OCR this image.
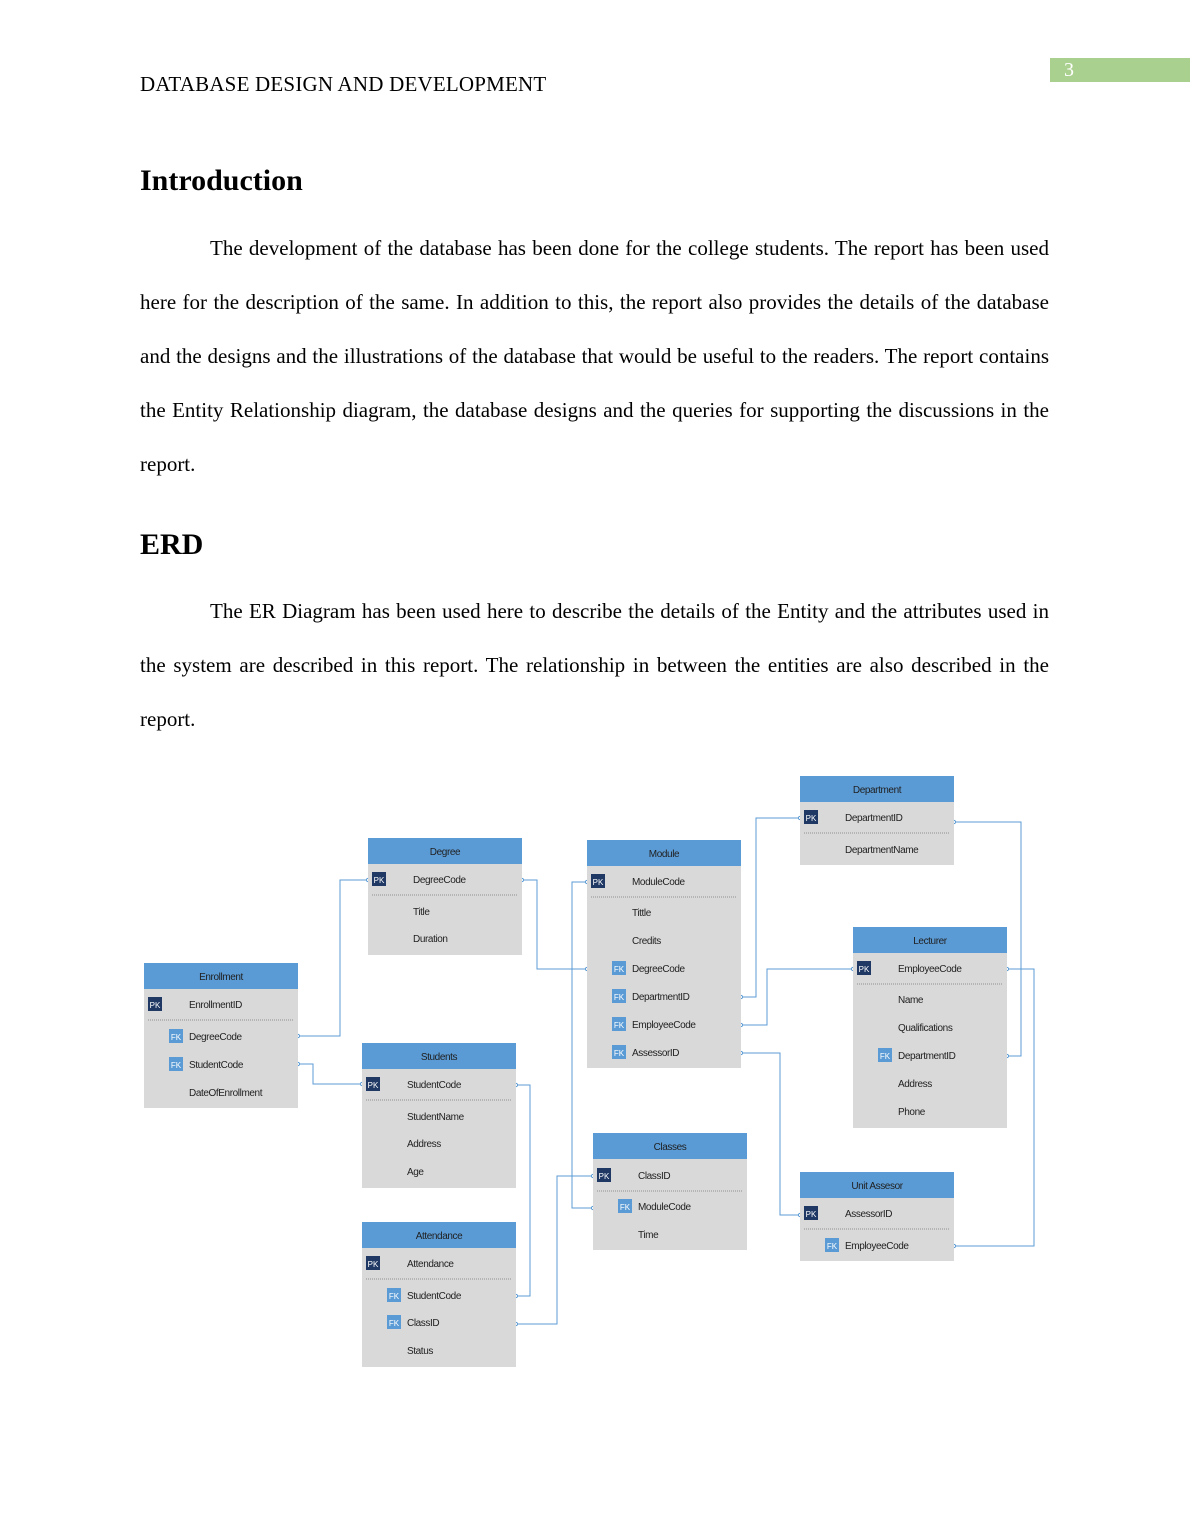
3
DATABASE DESIGN AND DEVELOPMENT
Introduction

The development of the database has been done for the college students. The report has been used here for the description of the same. In addition to this, the report also provides the details of the database and the designs and the illustrations of the database that would be useful to the readers. The report contains the Entity Relationship diagram, the database designs and the queries for supporting the discussions in the report.

ERD

The ER Diagram has been used here to describe the details of the Entity and the attributes used in the system are described in this report. The relationship in between the entities are also described in the report.

Department
PK	DepartmentID
DepartmentName
Degree
PK	DegreeCode
Title
Duration
Module
PK	ModuleCode
Tittle
Credits
FK DegreeCode
FK DepartmentID
FK EmployeeCode
FK AssessorID
Lecturer
PK	EmployeeCode
Name
Qualifications
FK DepartmentID
Address
Phone
Enrollment
PK	EnrollmentID
FK DegreeCode
FK StudentCode
DateOfEnrollment
Students
PK	StudentCode
StudentName
Address
Age
Classes
PK	ClassID
FK ModuleCode
Time
Unit Assesor
PK	AssessorID
FK EmployeeCode
Attendance
PK	Attendance
FK StudentCode
FK ClassID
Status
